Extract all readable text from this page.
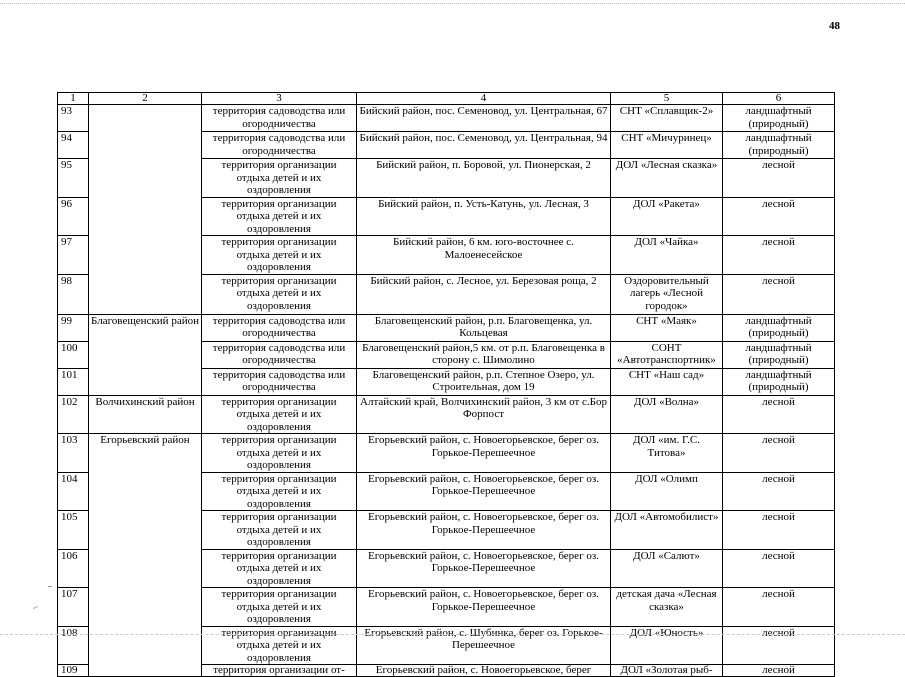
48
1	2	3	4	5	6
93		территория садоводства или огородничества	Бийский район, пос. Семеновод, ул. Центральная, 67	СНТ «Сплавщик-2»	ландшафтный (природный)
94		территория садоводства или огородничества	Бийский район, пос. Семеновод, ул. Центральная, 94	СНТ «Мичуринец»	ландшафтный (природный)
95		территория организации отдыха детей и их оздоровления	Бийский район, п. Боровой, ул. Пионерская, 2	ДОЛ «Лесная сказка»	лесной
96		территория организации отдыха детей и их оздоровления	Бийский район, п. Усть-Катунь, ул. Лесная, 3	ДОЛ «Ракета»	лесной
97		территория организации отдыха детей и их оздоровления	Бийский район, 6 км. юго-восточнее с. Малоенесейское	ДОЛ «Чайка»	лесной
98		территория организации отдыха детей и их оздоровления	Бийский район, с. Лесное, ул. Березовая роща, 2	Оздоровительный лагерь «Лесной городок»	лесной
99	Благовещенский район	территория садоводства или огородничества	Благовещенский район, р.п. Благовещенка, ул. Кольцевая	СНТ «Маяк»	ландшафтный (природный)
100		территория садоводства или огородничества	Благовещенский район,5 км. от р.п. Благовещенка в сторону с. Шимолино	СОНТ «Автотранспортник»	ландшафтный (природный)
101		территория садоводства или огородничества	Благовещенский район, р.п. Степное Озеро, ул. Строительная, дом 19	СНТ «Наш сад»	ландшафтный (природный)
102	Волчихинский район	территория организации отдыха детей и их оздоровления	Алтайский край, Волчихинский район, 3 км от с.Бор Форпост	ДОЛ «Волна»	лесной
103	Егорьевский район	территория организации отдыха детей и их оздоровления	Егорьевский район, с. Новоегорьевское, берег оз. Горькое-Перешеечное	ДОЛ «им. Г.С. Титова»	лесной
104		территория организации отдыха детей и их оздоровления	Егорьевский район, с. Новоегорьевское, берег оз. Горькое-Перешеечное	ДОЛ «Олимп	лесной
105		территория организации отдыха детей и их оздоровления	Егорьевский район, с. Новоегорьевское, берег оз. Горькое-Перешеечное	ДОЛ «Автомобилист»	лесной
106		территория организации отдыха детей и их оздоровления	Егорьевский район, с. Новоегорьевское, берег оз. Горькое-Перешеечное	ДОЛ «Салют»	лесной
107		территория организации отдыха детей и их оздоровления	Егорьевский район, с. Новоегорьевское, берег оз. Горькое-Перешеечное	детская дача «Лесная сказка»	лесной
108		территория организации отдыха детей и их оздоровления	Егорьевский район, с. Шубинка, берег оз. Горькое-Перешеечное	ДОЛ «Юность»	лесной
109		территория организации от-	Егорьевский район, с. Новоегорьевское, берег	ДОЛ «Золотая рыб-	лесной
